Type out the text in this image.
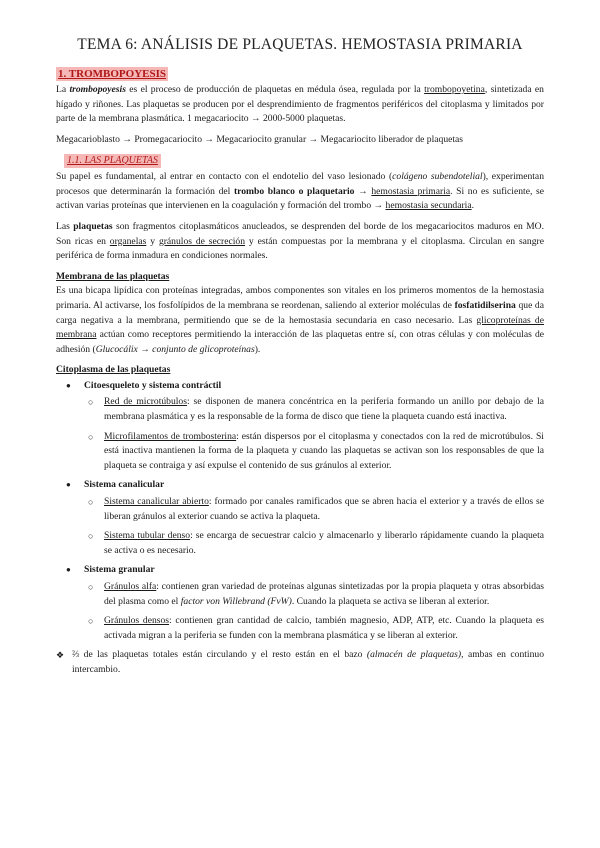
TEMA 6: ANÁLISIS DE PLAQUETAS. HEMOSTASIA PRIMARIA
1. TROMBOPOYESIS

La trombopoyesis es el proceso de producción de plaquetas en médula ósea, regulada por la trombopoyetina, sintetizada en hígado y riñones. Las plaquetas se producen por el desprendimiento de fragmentos periféricos del citoplasma y limitados por parte de la membrana plasmática. 1 megacariocito → 2000-5000 plaquetas.

Megacarioblasto → Promegacariocito → Megacariocito granular → Megacariocito liberador de plaquetas

1.1. LAS PLAQUETAS

Su papel es fundamental, al entrar en contacto con el endotelio del vaso lesionado (colágeno subendotelial), experimentan procesos que determinarán la formación del trombo blanco o plaquetario → hemostasia primaria. Si no es suficiente, se activan varias proteínas que intervienen en la coagulación y formación del trombo → hemostasia secundaria.

Las plaquetas son fragmentos citoplasmáticos anucleados, se desprenden del borde de los megacariocitos maduros en MO. Son ricas en organelas y gránulos de secreción y están compuestas por la membrana y el citoplasma. Circulan en sangre periférica de forma inmadura en condiciones normales.

Membrana de las plaquetas

Es una bicapa lipídica con proteínas integradas, ambos componentes son vitales en los primeros momentos de la hemostasia primaria. Al activarse, los fosfolípidos de la membrana se reordenan, saliendo al exterior moléculas de fosfatidilserina que da carga negativa a la membrana, permitiendo que se de la hemostasia secundaria en caso necesario. Las glicoproteínas de membrana actúan como receptores permitiendo la interacción de las plaquetas entre sí, con otras células y con moléculas de adhesión (Glucocálix → conjunto de glicoproteínas).

Citoplasma de las plaquetas
●	Citoesqueleto y sistema contráctil
○	Red de microtúbulos: se disponen de manera concéntrica en la periferia formando un anillo por debajo de la membrana plasmática y es la responsable de la forma de disco que tiene la plaqueta cuando está inactiva.
○	Microfilamentos de trombosterina: están dispersos por el citoplasma y conectados con la red de microtúbulos. Si está inactiva mantienen la forma de la plaqueta y cuando las plaquetas se activan son los responsables de que la plaqueta se contraiga y así expulse el contenido de sus gránulos al exterior.
●	Sistema canalicular
○	Sistema canalicular abierto: formado por canales ramificados que se abren hacia el exterior y a través de ellos se liberan gránulos al exterior cuando se activa la plaqueta.
○	Sistema tubular denso: se encarga de secuestrar calcio y almacenarlo y liberarlo rápidamente cuando la plaqueta se activa o es necesario.
●	Sistema granular
○	Gránulos alfa: contienen gran variedad de proteínas algunas sintetizadas por la propia plaqueta y otras absorbidas del plasma como el factor von Willebrand (FvW). Cuando la plaqueta se activa se liberan al exterior.
○	Gránulos densos: contienen gran cantidad de calcio, también magnesio, ADP, ATP, etc. Cuando la plaqueta es activada migran a la periferia se funden con la membrana plasmática y se liberan al exterior.
❖ ⅔ de las plaquetas totales están circulando y el resto están en el bazo (almacén de plaquetas), ambas en continuo intercambio.
